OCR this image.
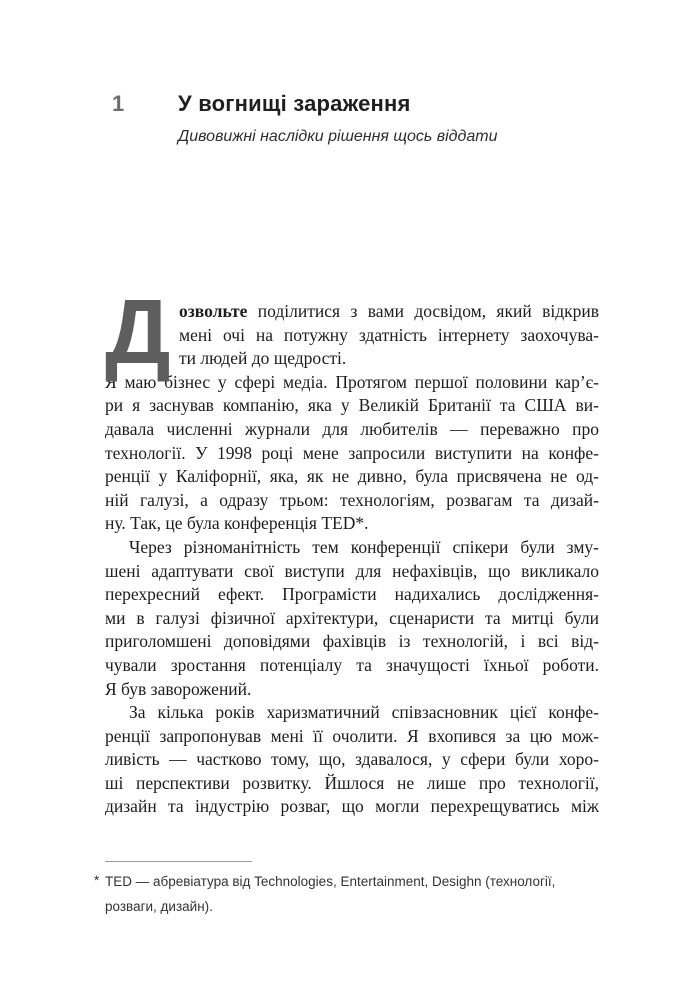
1	У вогнищі зараження
Дивовижні наслідки рішення щось віддати
Д озвольте поділитися з вами досвідом, який відкрив
мені очі на потужну здатність інтернету заохочува-
ти людей до щедрості.
Я маю бізнес у сфері медіа. Протягом першої половини кар’є-
ри я заснував компанію, яка у Великій Британії та США ви-
давала численні журнали для любителів — переважно про
технології. У 1998 році мене запросили виступити на конфе-
ренції у Каліфорнії, яка, як не дивно, була присвячена не од-
ній галузі, а одразу трьом: технологіям, розвагам та дизай-
ну. Так, це була конференція TED*.
Через різноманітність тем конференції спікери були зму-
шені адаптувати свої виступи для нефахівців, що викликало
перехресний ефект. Програмісти надихались дослідження-
ми в галузі фізичної архітектури, сценаристи та митці були
приголомшені доповідями фахівців із технологій, і всі від-
чували зростання потенціалу та значущості їхньої роботи.
Я був заворожений.
За кілька років харизматичний співзасновник цієї конфе-
ренції запропонував мені її очолити. Я вхопився за цю мож-
ливість — частково тому, що, здавалося, у сфери були хоро-
ші перспективи розвитку. Йшлося не лише про технології,
дизайн та індустрію розваг, що могли перехрещуватись між
* TED — абревіатура від Technologies, Entertainment, Desighn (технології,
розваги, дизайн).
